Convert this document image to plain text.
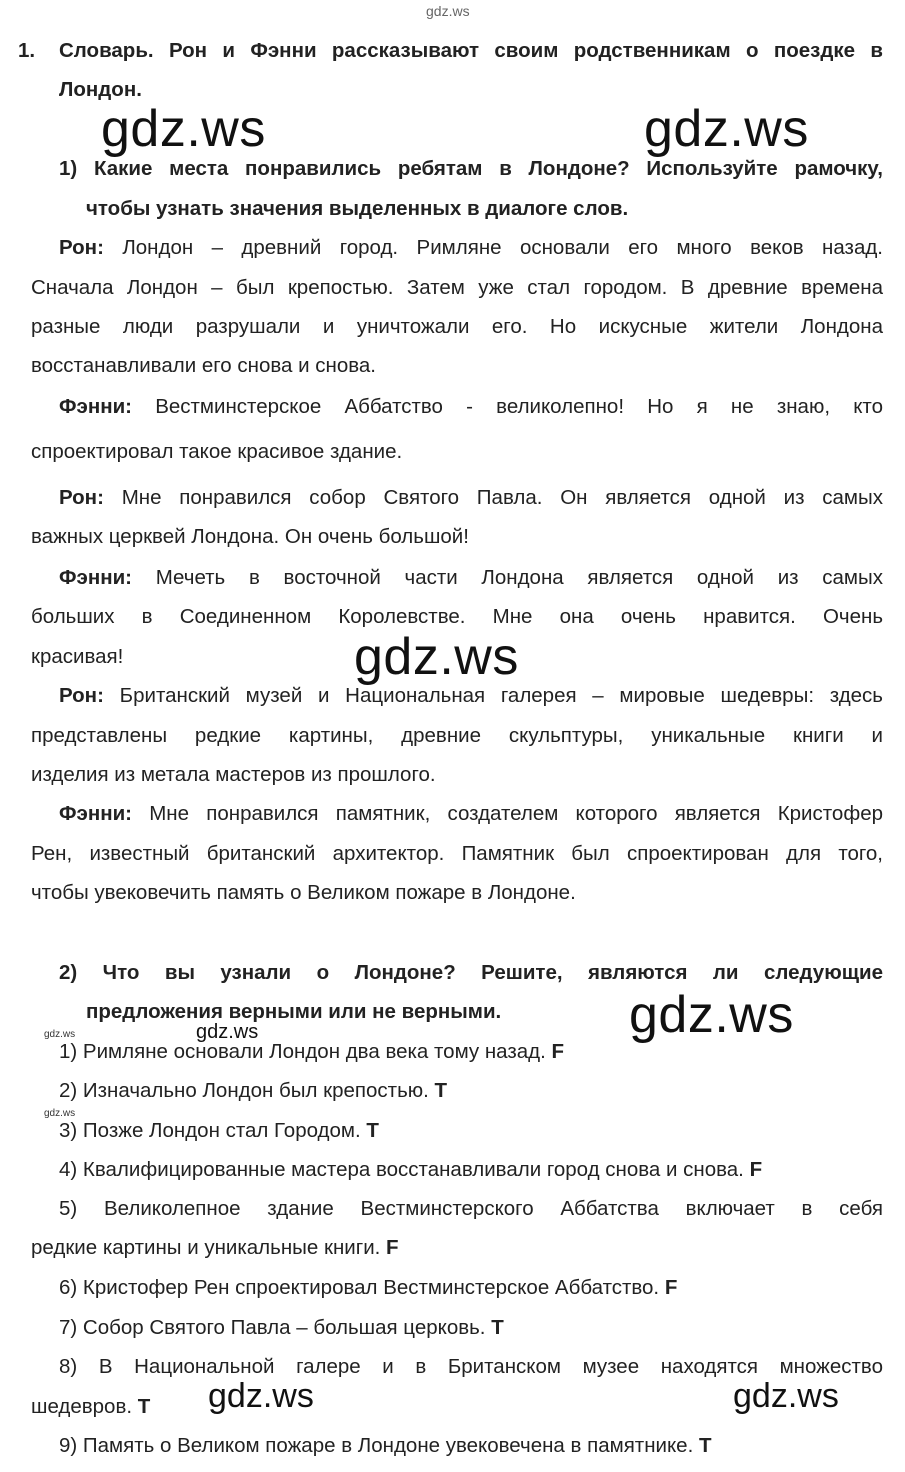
gdz.ws
gdz.ws	gdz.ws
gdz.ws
gdz.ws
gdz.ws
gdz.ws
gdz.ws
gdz.ws	gdz.ws
1. Словарь. Рон и Фэнни рассказывают своим родственникам о поездке в
Лондон.
1) Какие места понравились ребятам в Лондоне? Используйте рамочку,
чтобы узнать значения выделенных в диалоге слов.
Рон: Лондон – древний город. Римляне основали его много веков назад.
Сначала Лондон – был крепостью. Затем уже стал городом. В древние времена
разные люди разрушали и уничтожали его. Но искусные жители Лондона
восстанавливали его снова и снова.
Фэнни: Вестминстерское Аббатство - великолепно! Но я не знаю, кто
спроектировал такое красивое здание.
Рон: Мне понравился собор Святого Павла. Он является одной из самых
важных церквей Лондона. Он очень большой!
Фэнни: Мечеть в восточной части Лондона является одной из самых
больших в Соединенном Королевстве. Мне она очень нравится. Очень
красивая!
Рон: Британский музей и Национальная галерея – мировые шедевры: здесь
представлены редкие картины, древние скульптуры, уникальные книги и
изделия из метала мастеров из прошлого.
Фэнни: Мне понравился памятник, создателем которого является Кристофер
Рен, известный британский архитектор. Памятник был спроектирован для того,
чтобы увековечить память о Великом пожаре в Лондоне.
2) Что вы узнали о Лондоне? Решите, являются ли следующие
предложения верными или не верными.
1) Римляне основали Лондон два века тому назад. F
2) Изначально Лондон был крепостью. T
3) Позже Лондон стал Городом. T
4) Квалифицированные мастера восстанавливали город снова и снова. F
5) Великолепное здание Вестминстерского Аббатства включает в себя
редкие картины и уникальные книги. F
6) Кристофер Рен спроектировал Вестминстерское Аббатство. F
7) Собор Святого Павла – большая церковь. T
8) В Национальной галере и в Британском музее находятся множество
шедевров. T
9) Память о Великом пожаре в Лондоне увековечена в памятнике. T
